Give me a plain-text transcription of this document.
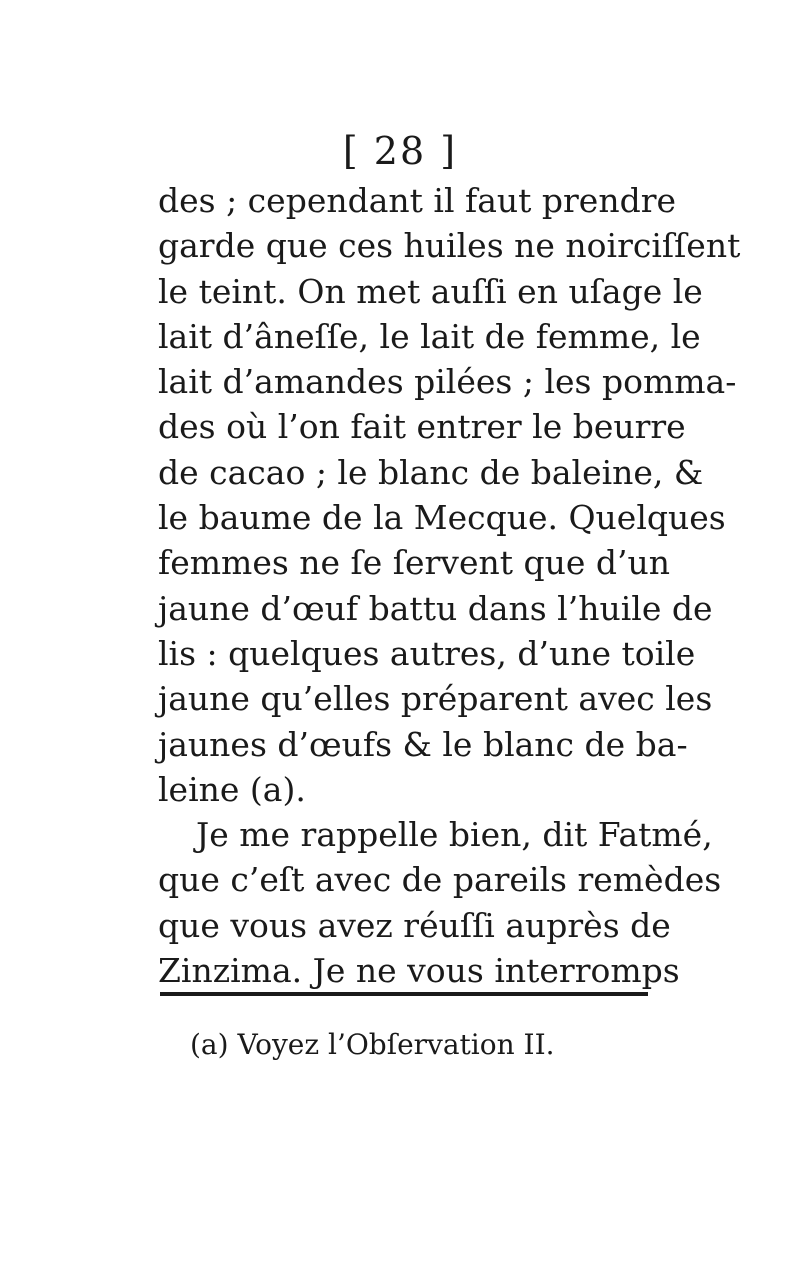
[ 28 ]
des ; cependant il faut prendre
garde que ces huiles ne noirciſſent
le teint. On met auſſi en uſage le
lait d’âneſſe, le lait de femme, le
lait d’amandes pilées ; les pomma-
des où l’on fait entrer le beurre
de cacao ; le blanc de baleine, &
le baume de la Mecque. Quelques
femmes ne ſe ſervent que d’un
jaune d’œuf battu dans l’huile de
lis : quelques autres, d’une toile
jaune qu’elles préparent avec les
jaunes d’œufs & le blanc de ba-
leine (a).
Je me rappelle bien, dit Fatmé,
que c’eſt avec de pareils remèdes
que vous avez réuſſi auprès de
Zinzima. Je ne vous interromps
(a) Voyez l’Obſervation II.
